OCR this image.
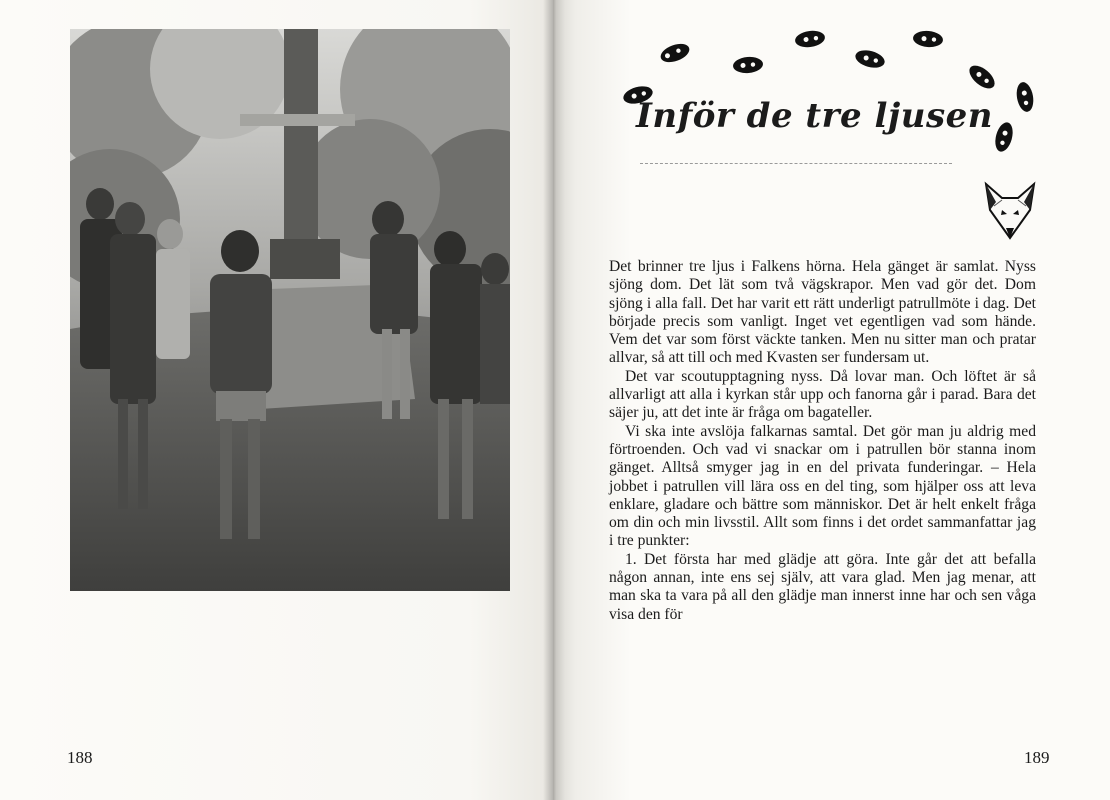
188
Inför de tre ljusen

Det brinner tre ljus i Falkens hörna. Hela gänget är samlat. Nyss sjöng dom. Det lät som två vägskrapor. Men vad gör det. Dom sjöng i alla fall. Det har varit ett rätt underligt patrullmöte i dag. Det började precis som vanligt. Inget vet egentligen vad som hände. Vem det var som först väckte tanken. Men nu sitter man och pratar allvar, så att till och med Kvasten ser fundersam ut.

Det var scoutupptagning nyss. Då lovar man. Och löftet är så allvarligt att alla i kyrkan står upp och fanorna går i parad. Bara det säjer ju, att det inte är fråga om bagateller.

Vi ska inte avslöja falkarnas samtal. Det gör man ju aldrig med förtroenden. Och vad vi snackar om i patrullen bör stanna inom gänget. Alltså smyger jag in en del privata funderingar. – Hela jobbet i patrullen vill lära oss en del ting, som hjälper oss att leva enklare, gladare och bättre som människor. Det är helt enkelt fråga om din och min livsstil. Allt som finns i det ordet sammanfattar jag i tre punkter:

1. Det första har med glädje att göra. Inte går det att befalla någon annan, inte ens sej själv, att vara glad. Men jag menar, att man ska ta vara på all den glädje man innerst inne har och sen våga visa den för

189
